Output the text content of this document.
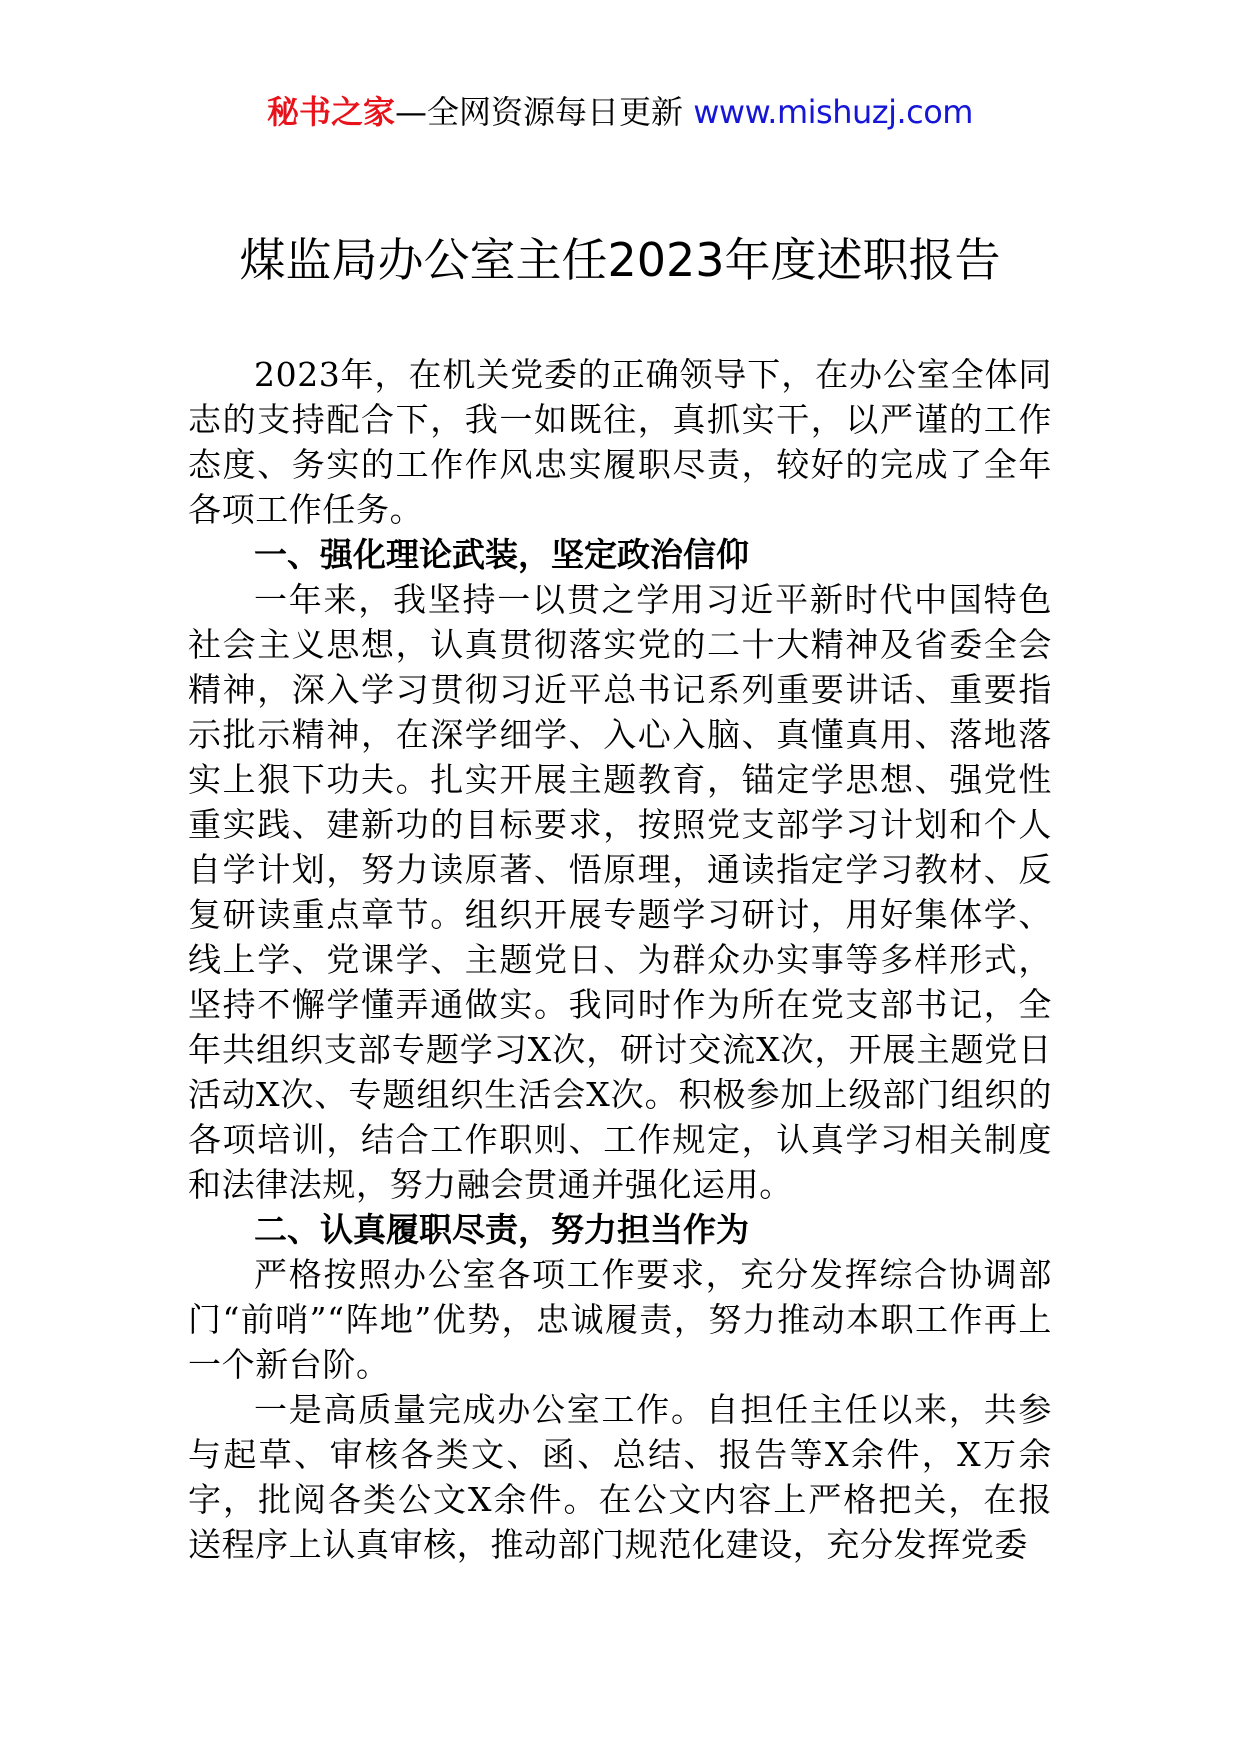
秘书之家—全网资源每日更新 www.mishuzj.com
煤监局办公室主任2023年度述职报告

2023年，在机关党委的正确领导下，在办公室全体同志的支持配合下，我一如既往，真抓实干，以严谨的工作态度、务实的工作作风忠实履职尽责，较好的完成了全年各项工作任务。

一、强化理论武装，坚定政治信仰

一年来，我坚持一以贯之学用习近平新时代中国特色社会主义思想，认真贯彻落实党的二十大精神及省委全会精神，深入学习贯彻习近平总书记系列重要讲话、重要指示批示精神，在深学细学、入心入脑、真懂真用、落地落实上狠下功夫。扎实开展主题教育，锚定学思想、强党性重实践、建新功的目标要求，按照党支部学习计划和个人自学计划，努力读原著、悟原理，通读指定学习教材、反复研读重点章节。组织开展专题学习研讨，用好集体学、线上学、党课学、主题党日、为群众办实事等多样形式，坚持不懈学懂弄通做实。我同时作为所在党支部书记，全年共组织支部专题学习X次，研讨交流X次，开展主题党日活动X次、专题组织生活会X次。积极参加上级部门组织的各项培训，结合工作职则、工作规定，认真学习相关制度和法律法规，努力融会贯通并强化运用。

二、认真履职尽责，努力担当作为

严格按照办公室各项工作要求，充分发挥综合协调部门“前哨”“阵地”优势，忠诚履责，努力推动本职工作再上一个新台阶。

一是高质量完成办公室工作。自担任主任以来，共参与起草、审核各类文、函、总结、报告等X余件，X万余字，批阅各类公文X余件。在公文内容上严格把关，在报送程序上认真审核，推动部门规范化建设，充分发挥党委
